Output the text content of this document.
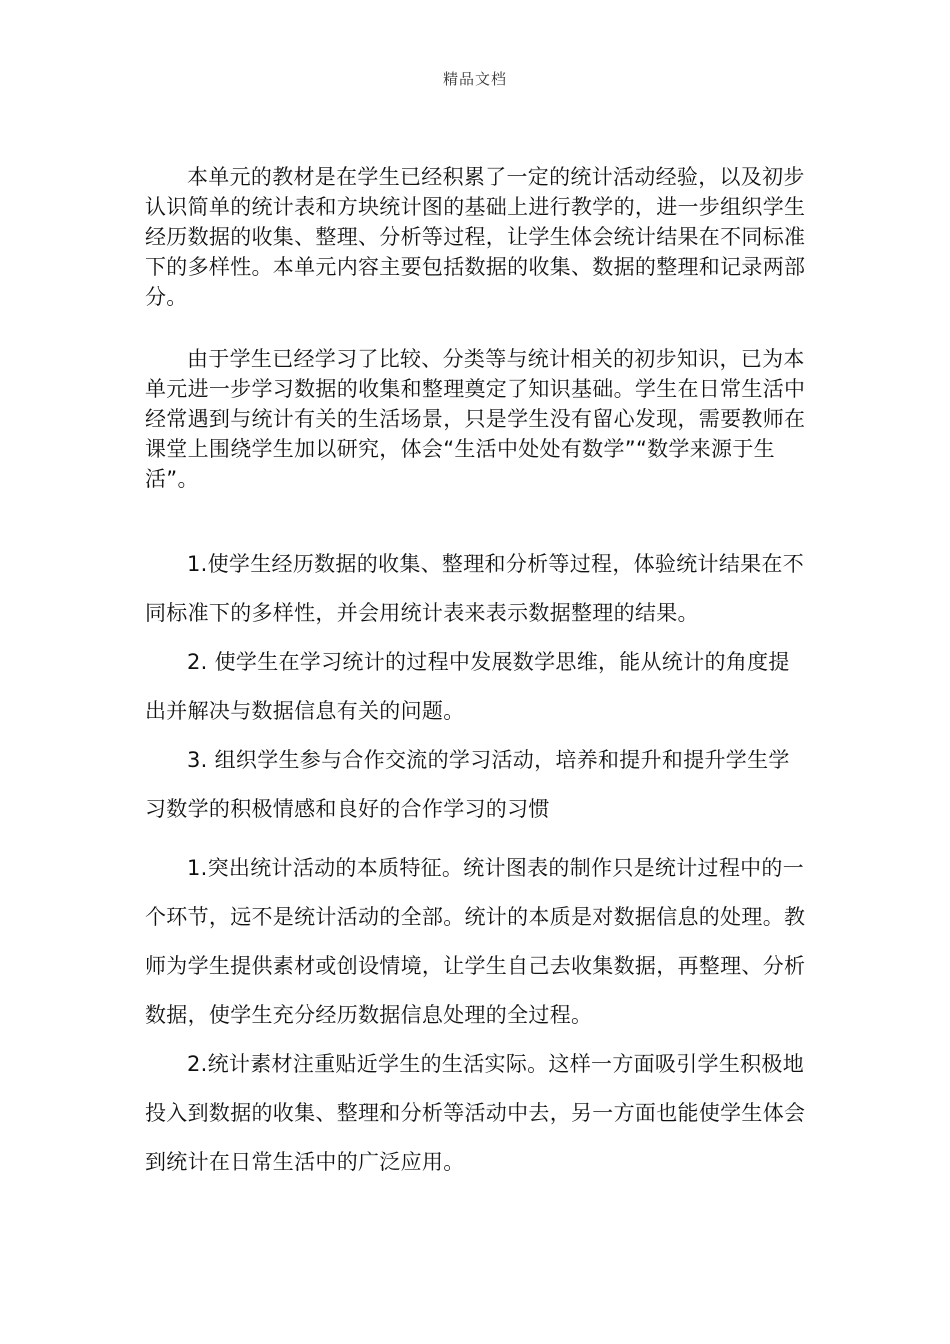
精品文档

本单元的教材是在学生已经积累了一定的统计活动经验，以及初步认识简单的统计表和方块统计图的基础上进行教学的，进一步组织学生经历数据的收集、整理、分析等过程，让学生体会统计结果在不同标准下的多样性。本单元内容主要包括数据的收集、数据的整理和记录两部分。

由于学生已经学习了比较、分类等与统计相关的初步知识，已为本单元进一步学习数据的收集和整理奠定了知识基础。学生在日常生活中经常遇到与统计有关的生活场景，只是学生没有留心发现，需要教师在课堂上围绕学生加以研究，体会“生活中处处有数学”“数学来源于生活”。

1.使学生经历数据的收集、整理和分析等过程，体验统计结果在不同标准下的多样性，并会用统计表来表示数据整理的结果。

2. 使学生在学习统计的过程中发展数学思维，能从统计的角度提出并解决与数据信息有关的问题。

3. 组织学生参与合作交流的学习活动，培养和提升和提升学生学习数学的积极情感和良好的合作学习的习惯

1.突出统计活动的本质特征。统计图表的制作只是统计过程中的一个环节，远不是统计活动的全部。统计的本质是对数据信息的处理。教师为学生提供素材或创设情境，让学生自己去收集数据，再整理、分析数据，使学生充分经历数据信息处理的全过程。

2.统计素材注重贴近学生的生活实际。这样一方面吸引学生积极地投入到数据的收集、整理和分析等活动中去，另一方面也能使学生体会到统计在日常生活中的广泛应用。
